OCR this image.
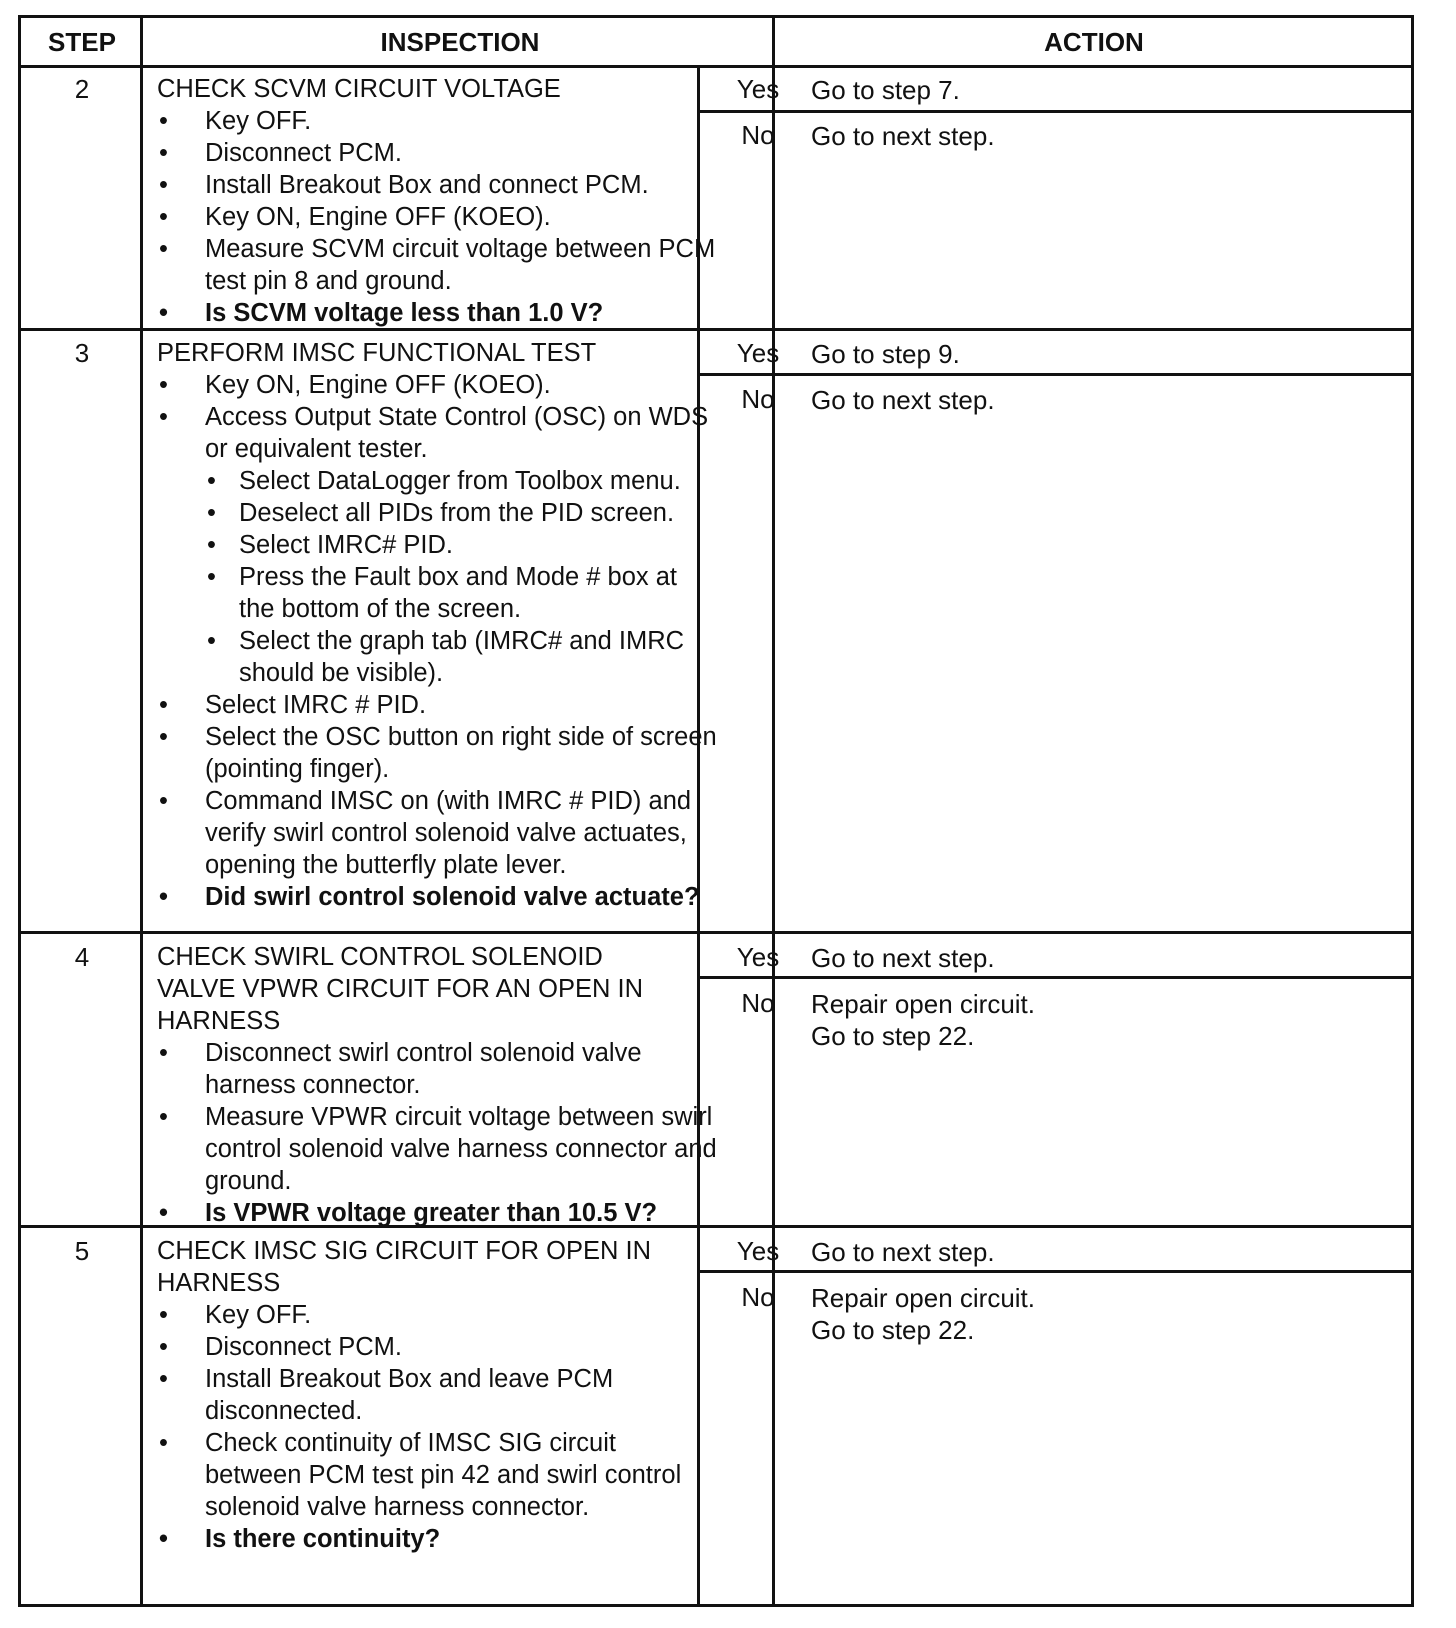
STEP	INSPECTION	ACTION
2	CHECK SCVM CIRCUIT VOLTAGE
• Key OFF.
• Disconnect PCM.
• Install Breakout Box and connect PCM.
• Key ON, Engine OFF (KOEO).
• Measure SCVM circuit voltage between PCM test pin 8 and ground.
• Is SCVM voltage less than 1.0 V?
Yes	Go to step 7.
No	Go to next step.
3	PERFORM IMSC FUNCTIONAL TEST
• Key ON, Engine OFF (KOEO).
• Access Output State Control (OSC) on WDS or equivalent tester.
• Select DataLogger from Toolbox menu.
• Deselect all PIDs from the PID screen.
• Select IMRC# PID.
• Press the Fault box and Mode # box at the bottom of the screen.
• Select the graph tab (IMRC# and IMRC should be visible).
• Select IMRC # PID.
• Select the OSC button on right side of screen (pointing finger).
• Command IMSC on (with IMRC # PID) and verify swirl control solenoid valve actuates, opening the butterfly plate lever.
• Did swirl control solenoid valve actuate?
Yes	Go to step 9.
No	Go to next step.
4	CHECK SWIRL CONTROL SOLENOID
VALVE VPWR CIRCUIT FOR AN OPEN IN
HARNESS
• Disconnect swirl control solenoid valve harness connector.
• Measure VPWR circuit voltage between swirl control solenoid valve harness connector and ground.
• Is VPWR voltage greater than 10.5 V?
Yes	Go to next step.
No	Repair open circuit.
Go to step 22.
5	CHECK IMSC SIG CIRCUIT FOR OPEN IN
HARNESS
• Key OFF.
• Disconnect PCM.
• Install Breakout Box and leave PCM disconnected.
• Check continuity of IMSC SIG circuit between PCM test pin 42 and swirl control solenoid valve harness connector.
• Is there continuity?
Yes	Go to next step.
No	Repair open circuit.
Go to step 22.
